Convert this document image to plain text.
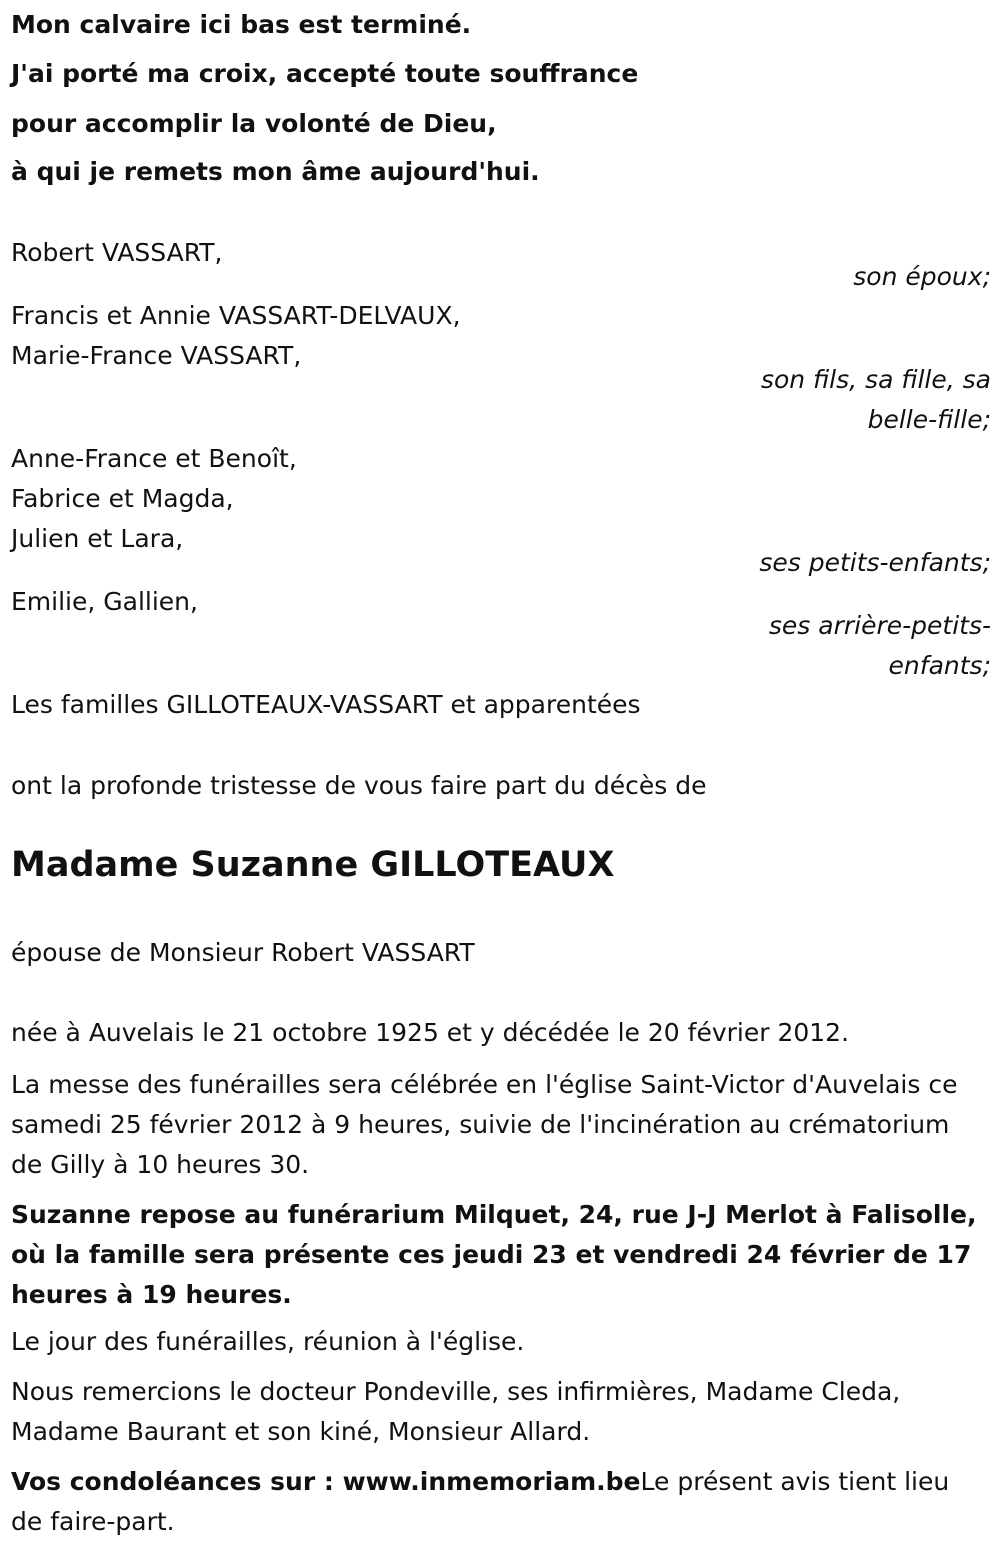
Mon calvaire ici bas est terminé.
J'ai porté ma croix, accepté toute souffrance
pour accomplir la volonté de Dieu,
à qui je remets mon âme aujourd'hui.
Robert VASSART,
son époux;
Francis et Annie VASSART-DELVAUX,
Marie-France VASSART,
son fils, sa fille, sa
belle-fille;
Anne-France et Benoît,
Fabrice et Magda,
Julien et Lara,
ses petits-enfants;
Emilie, Gallien,
ses arrière-petits-
enfants;
Les familles GILLOTEAUX-VASSART et apparentées
ont la profonde tristesse de vous faire part du décès de
Madame Suzanne GILLOTEAUX
épouse de Monsieur Robert VASSART
née à Auvelais le 21 octobre 1925 et y décédée le 20 février 2012.
La messe des funérailles sera célébrée en l'église Saint-Victor d'Auvelais ce samedi 25 février 2012 à 9 heures, suivie de l'incinération au crématorium de Gilly à 10 heures 30.
Suzanne repose au funérarium Milquet, 24, rue J-J Merlot à Falisolle, où la famille sera présente ces jeudi 23 et vendredi 24 février de 17 heures à 19 heures.
Le jour des funérailles, réunion à l'église.
Nous remercions le docteur Pondeville, ses infirmières, Madame Cleda, Madame Baurant et son kiné, Monsieur Allard.
Vos condoléances sur : www.inmemoriam.beLe présent avis tient lieu de faire-part.
